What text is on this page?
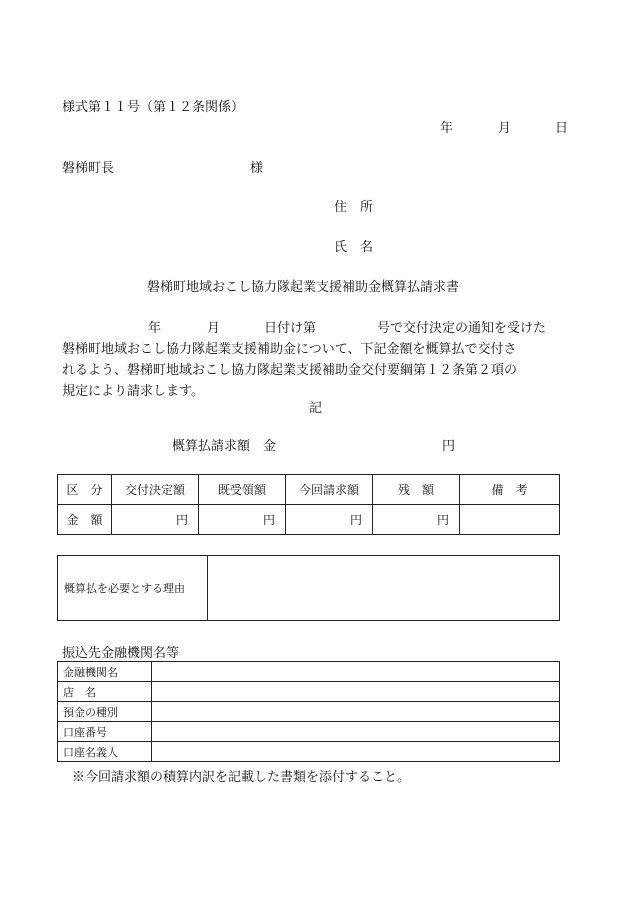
様式第１１号（第１２条関係）
年	月	日
磐梯町長	様
住　所
氏　名
磐梯町地域おこし協力隊起業支援補助金概算払請求書
年	月	日付け第	号で交付決定の通知を受けた
磐梯町地域おこし協力隊起業支援補助金について、下記金額を概算払で交付さ
れるよう、磐梯町地域おこし協力隊起業支援補助金交付要綱第１２条第２項の
規定により請求します。
記
概算払請求額　金	円
区　分	交付決定額	既受領額	今回請求額	残　額	備　考
金　額	円	円	円	円	
概算払を必要とする理由	
振込先金融機関名等
金融機関名	
店　名	
預金の種別	
口座番号	
口座名義人	
※今回請求額の積算内訳を記載した書類を添付すること。
